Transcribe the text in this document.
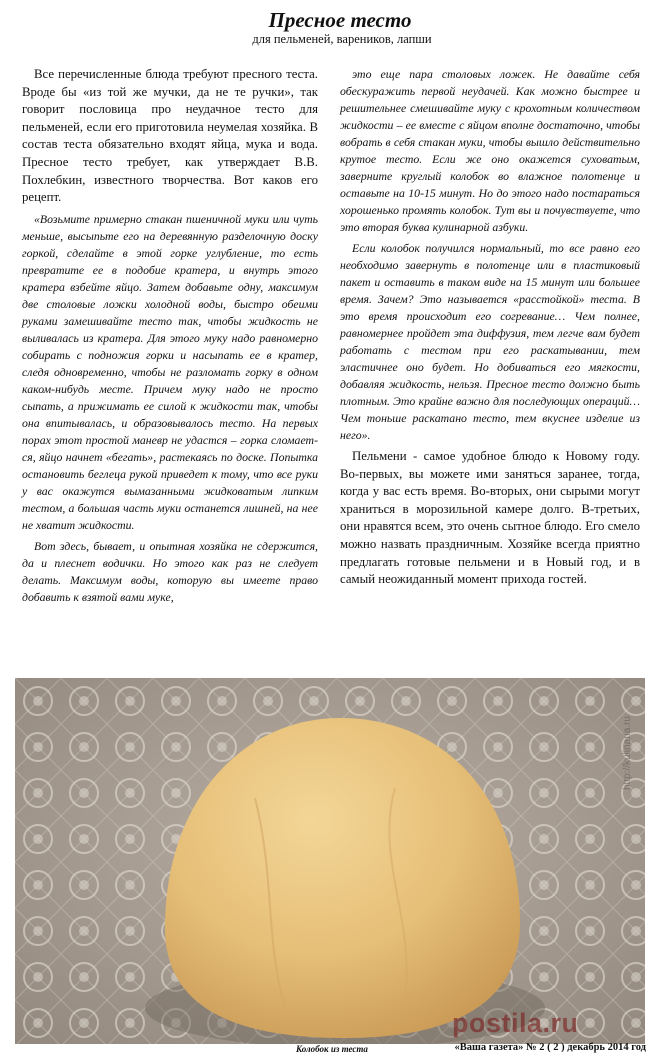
Пресное тесто
для пельменей, вареников, лапши

Все перечисленные блюда требуют пресного теста. Вроде бы «из той же мучки, да не те ручки», так говорит пословица про неудачное тесто для пельменей, если его приготовила неумелая хозяйка. В состав теста обязательно входят яйца, мука и вода. Пресное тесто требует, как утверждает В.В. Похлебкин, известного творчества. Вот каков его рецепт.

«Возьмите примерно стакан пшеничной муки или чуть меньше, высыпьте его на деревянную разделочную доску горкой, сделайте в этой горке углубление, то есть превратите ее в подобие кратера, и внутрь этого кратера взбейте яйцо. Затем добавьте одну, максимум две столовые ложки холодной воды, быстро обеими руками замешивайте тесто так, чтобы жидкость не выливалась из кратера. Для этого муку надо равномерно собирать с подножия горки и насыпать ее в кратер, следя одновременно, чтобы не разломать горку в одном каком-нибудь месте. Причем муку надо не просто сыпать, а прижимать ее силой к жидкости так, чтобы она впитывалась, и образовывалось тесто. На первых порах этот простой маневр не удастся – горка сломается, яйцо начнет «бегать», растекаясь по доске. Попытка остановить беглеца рукой приведет к тому, что все руки у вас окажутся вымазанными жидковатым липким тестом, а большая часть муки останется лишней, на нее не хватит жидкости.

Вот здесь, бывает, и опытная хозяйка не сдержится, да и плеснет водички. Но этого как раз не следует делать. Максимум воды, которую вы имеете право добавить к взятой вами муке,

это еще пара столовых ложек. Не давайте себя обескуражить первой неудачей. Как можно быстрее и решительнее смешивайте муку с крохотным количеством жидкости – ее вместе с яйцом вполне достаточно, чтобы вобрать в себя стакан муки, чтобы вышло действительно крутое тесто. Если же оно окажется суховатым, заверните круглый колобок во влажное полотенце и оставьте на 10-15 минут. Но до этого надо постараться хорошенько промять колобок. Тут вы и почувствуете, что это вторая буква кулинарной азбуки.

Если колобок получился нормальный, то все равно его необходимо завернуть в полотенце или в пластиковый пакет и оставить в таком виде на 15 минут или большее время. Зачем? Это называется «расстойкой» теста. В это время происходит его согревание… Чем полнее, равномернее пройдет эта диффузия, тем легче вам будет работать с тестом при его раскатывании, тем эластичнее оно будет. Но добиваться его мягкости, добавляя жидкость, нельзя. Пресное тесто должно быть плотным. Это крайне важно для последующих операций… Чем тоньше раскатано тесто, тем вкуснее изделие из него».

Пельмени - самое удобное блюдо к Новому году. Во-первых, вы можете ими заняться заранее, тогда, когда у вас есть время. Во-вторых, они сырыми могут храниться в морозильной камере долго. В-третьих, они нравятся всем, это очень сытное блюдо. Его смело можно назвать праздничным. Хозяйке всегда приятно предлагать готовые пельмени и в Новый год, и в самый неожиданный момент прихода гостей.

postila.ru
http://kulinaria.ru
Колобок из теста	«Ваша газета» № 2 ( 2 ) декабрь 2014 год
